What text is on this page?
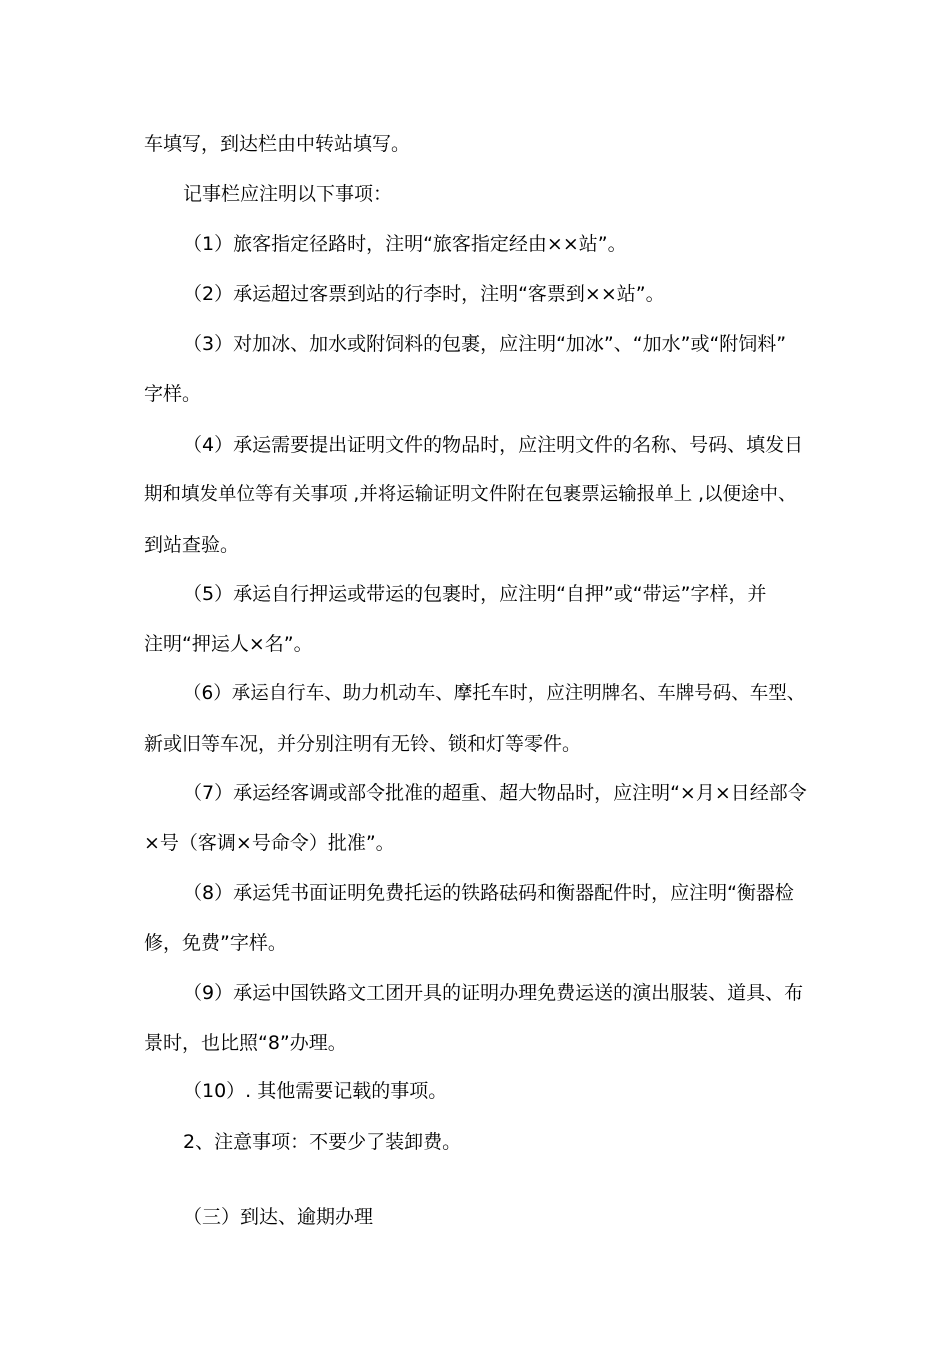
车填写，到达栏由中转站填写。
记事栏应注明以下事项：
（1）旅客指定径路时，注明“旅客指定经由××站”。
（2）承运超过客票到站的行李时，注明“客票到××站”。
（3）对加冰、加水或附饲料的包裹，应注明“加冰”、“加水”或“附饲料”
字样。
（4）承运需要提出证明文件的物品时，应注明文件的名称、号码、填发日
期和填发单位等有关事项 ,并将运输证明文件附在包裹票运输报单上 ,以便途中、
到站查验。
（5）承运自行押运或带运的包裹时，应注明“自押”或“带运”字样，并
注明“押运人×名”。
（6）承运自行车、助力机动车、摩托车时，应注明牌名、车牌号码、车型、
新或旧等车况，并分别注明有无铃、锁和灯等零件。
（7）承运经客调或部令批准的超重、超大物品时，应注明“×月×日经部令
×号（客调×号命令）批准”。
（8）承运凭书面证明免费托运的铁路砝码和衡器配件时，应注明“衡器检
修，免费”字样。
（9）承运中国铁路文工团开具的证明办理免费运送的演出服装、道具、布
景时，也比照“8”办理。
（10）. 其他需要记载的事项。
2、注意事项：不要少了装卸费。
（三）到达、逾期办理
